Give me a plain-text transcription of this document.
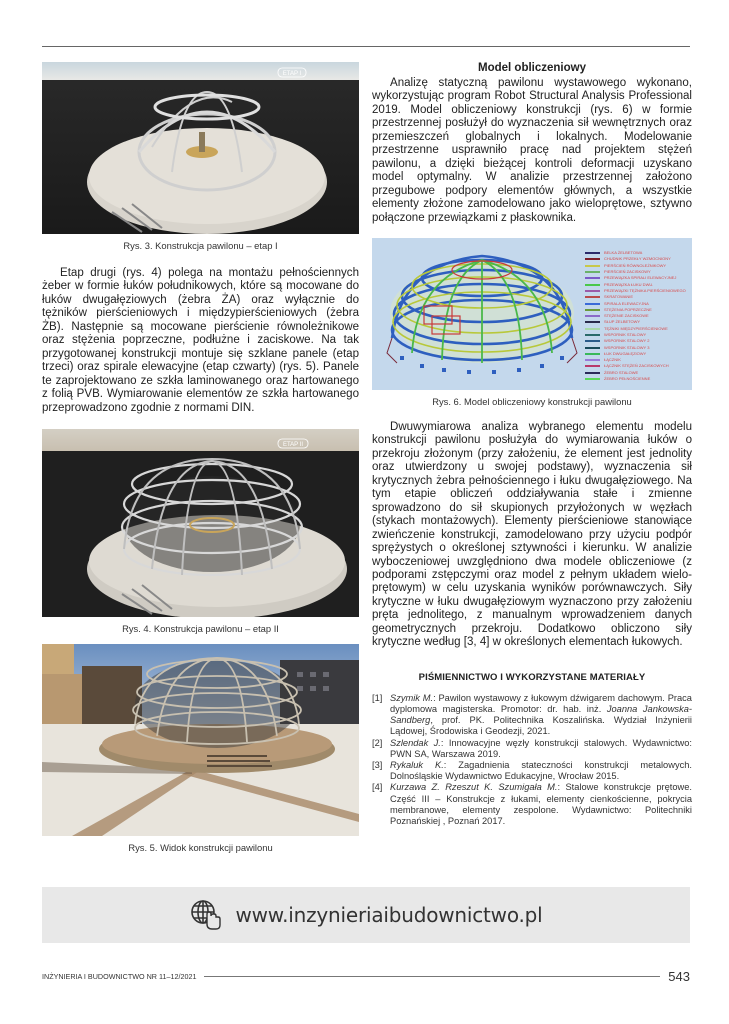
ETAP I
Rys. 3. Konstrukcja pawilonu – etap I

Etap drugi (rys. 4) polega na montażu pełnościennych żeber w formie łuków południkowych, które są mocowane do łuków dwugałęziowych (żebra ŻA) oraz wyłącznie do tężników pierścieniowych i międzypierścieniowych (żebra ŻB). Następnie są mocowane pierścienie równoleżnikowe oraz stężenia poprzeczne, podłużne i zaciskowe. Na tak przygotowanej konstrukcji montuje się szklane panele (etap trzeci) oraz spirale elewacyjne (etap czwarty) (rys. 5). Panele te zaprojektowano ze szkła laminowanego oraz hartowanego z folią PVB. Wymiarowanie elementów ze szkła hartowanego przeprowadzono zgodnie z normami DIN.

ETAP II
Rys. 4. Konstrukcja pawilonu – etap II
Rys. 5. Widok konstrukcji pawilonu
Model obliczeniowy

Analizę statyczną pawilonu wystawowego wykonano, wykorzystując program Robot Structural Analysis Professional 2019. Model obliczeniowy konstrukcji (rys. 6) w formie przestrzennej posłużył do wyznaczenia sił wewnętrznych oraz przemieszczeń globalnych i lokalnych. Modelowanie przestrzenne usprawniło pracę nad projektem stężeń pawilonu, a dzięki bieżącej kontroli deformacji uzyskano model optymalny. W analizie przestrzennej założono przegubowe podpory elementów głównych, a wszystkie elementy złożone zamodelowano jako wieloprętowe, sztywno połączone przewiązkami z płaskownika.

BELKA ŻELBETOWA
CHUDNIK PRZEKŁY WZMOCNIONY
PIERŚCIEŃ RÓWNOLEŻNIKOWY
PIERŚCIEŃ ZACISKOWY
PRZEWIĄZKA SPIRALI ELEWACYJNEJ
PRZEWIĄZKA ŁUKU DWU.
PRZEWIĄZKI TĘŻNIKA PIERŚCIENIOWEGO
SKRATOWANIE
SPIRALA ELEWACYJNA
STĘŻENIA POPRZECZNE
STĘŻENIE ZACISKOWE
SŁUP ŻELBETOWY
TĘŻNIKI MIĘDZYPIERŚCIENIOWE
WSPORNIK STALOWY
WSPORNIK STALOWY 2
WSPORNIK STALOWY 3
ŁUK DWUGAŁĘZIOWY
ŁĄCZNIK
ŁĄCZNIK STĘŻEŃ ZACISKOWYCH
ŻEBRO STALOWE
ŻEBRO PEŁNOŚCIENNE
Rys. 6. Model obliczeniowy konstrukcji pawilonu

Dwuwymiarowa analiza wybranego elementu modelu konstrukcji pawilonu posłużyła do wymiarowania łuków o przekroju złożonym (przy założeniu, że element jest jednolity oraz utwierdzony u swojej podstawy), wyznaczenia sił krytycznych żebra pełnościennego i łuku dwugałęziowego. Na tym etapie obliczeń oddziaływania stałe i zmienne sprowadzono do sił skupionych przyłożonych w węzłach (stykach montażowych). Elementy pierścieniowe stanowiące zwieńczenie konstrukcji, zamodelowano przy użyciu podpór sprężystych o określonej sztywności i kierunku. W analizie wyboczeniowej uwzględniono dwa modele obliczeniowe (z podporami zstępczymi oraz model z pełnym układem wielo-prętowym) w celu uzyskania wyników porównawczych. Siły krytyczne w łuku dwugałęziowym wyznaczono przy założeniu pręta jednolitego, z manualnym wprowadzeniem danych geometrycznych przekroju. Dodatkowo obliczono siły krytyczne według [3, 4] w określonych elementach łukowych.

PIŚMIENNICTWO I WYKORZYSTANE MATERIAŁY
[1] Szymik M.: Pawilon wystawowy z łukowym dźwigarem dachowym. Praca dyplomowa magisterska. Promotor: dr. hab. inż. Joanna Jankowska-Sandberg, prof. PK. Politechnika Koszalińska. Wydział Inżynierii Lądowej, Środowiska i Geodezji, 2021.
[2] Szlendak J.: Innowacyjne węzły konstrukcji stalowych. Wydawnictwo: PWN SA, Warszawa 2019.
[3] Rykaluk K.: Zagadnienia stateczności konstrukcji metalowych. Dolnośląskie Wydawnictwo Edukacyjne, Wrocław 2015.
[4] Kurzawa Z. Rzeszut K. Szumigała M.: Stalowe konstrukcje prętowe. Część III – Konstrukcje z łukami, elementy cienkościenne, pokrycia membranowe, elementy zespolone. Wydawnictwo: Politechniki Poznańskiej , Poznań 2017.
www.inzynieriaibudownictwo.pl
INŻYNIERIA I BUDOWNICTWO NR 11–12/2021	543
